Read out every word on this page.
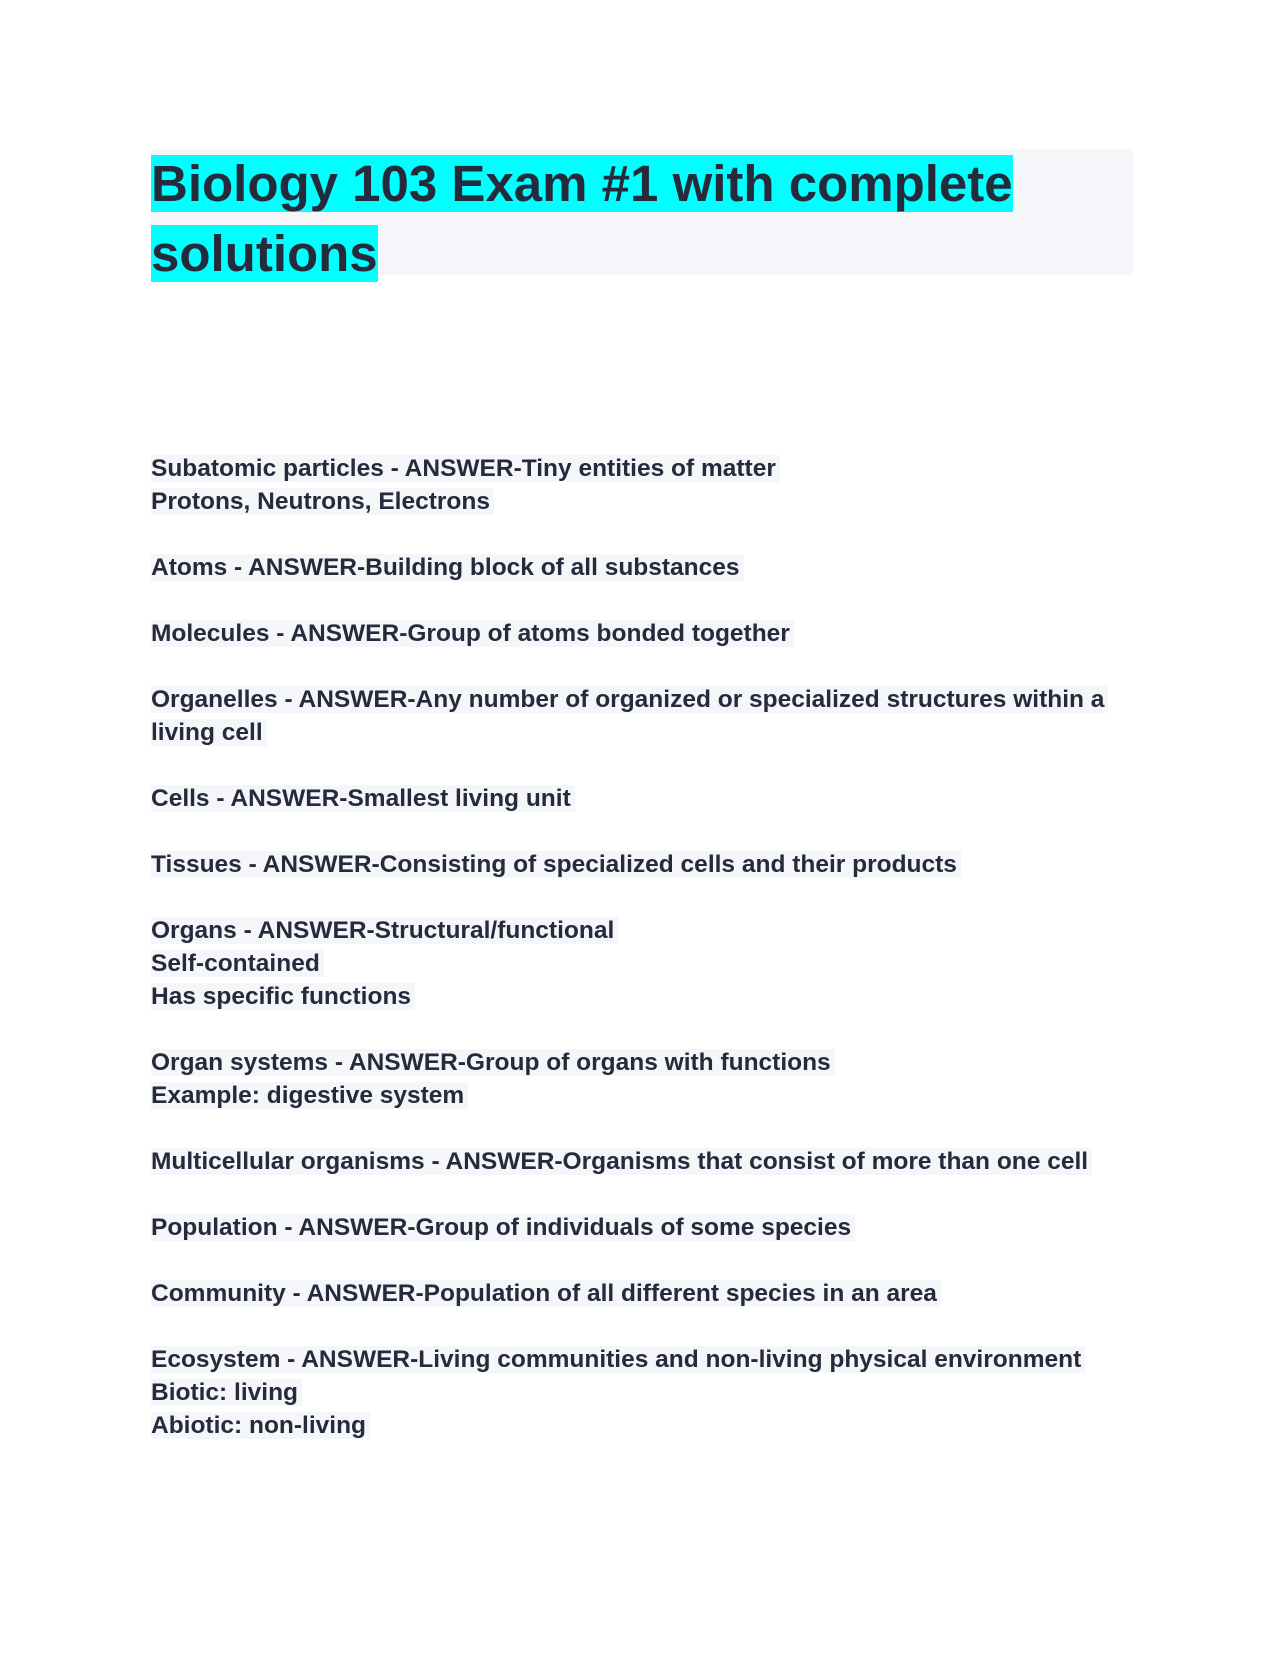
Biology 103 Exam #1 with complete solutions

Subatomic particles - ANSWER-Tiny entities of matter
Protons, Neutrons, Electrons

Atoms - ANSWER-Building block of all substances

Molecules - ANSWER-Group of atoms bonded together

Organelles - ANSWER-Any number of organized or specialized structures within a
living cell

Cells - ANSWER-Smallest living unit

Tissues - ANSWER-Consisting of specialized cells and their products

Organs - ANSWER-Structural/functional
Self-contained
Has specific functions

Organ systems - ANSWER-Group of organs with functions
Example: digestive system

Multicellular organisms - ANSWER-Organisms that consist of more than one cell

Population - ANSWER-Group of individuals of some species

Community - ANSWER-Population of all different species in an area

Ecosystem - ANSWER-Living communities and non-living physical environment
Biotic: living
Abiotic: non-living
